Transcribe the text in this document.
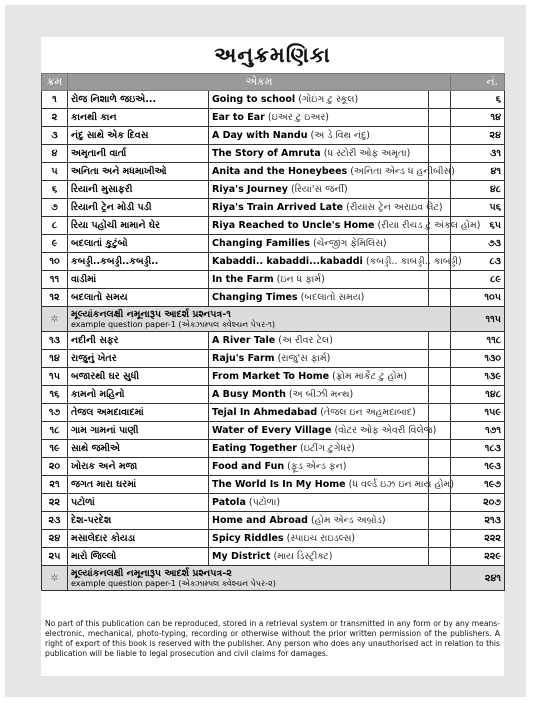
અનુક્રમણિકા
ક્રમ	એકમ			નં.
૧	રોજ નિશાળે જઇએ...	Going to school (ગોઇંગ ટુ સ્કૂલ)		૬
૨	કાનથી કાન	Ear to Ear (ઇઅર ટુ ઇઅર)		૧૪
૩	નંદુ સાથે એક દિવસ	A Day with Nandu (અ ડે વિથ નંદુ)		૨૪
૪	અમૃતાની વાર્તા	The Story of Amruta (ધ સ્ટોરી ઓફ અમૃતા)		૩૧
૫	અનિતા અને મધમાખીઓ	Anita and the Honeybees (અનિતા એન્ડ ધ હનીબીસ)		૪૧
૬	રિયાની મુસાફરી	Riya's Journey (રિયા'સ જર્ની)		૪૮
૭	રિયાની ટ્રેન મોડી પડી	Riya's Train Arrived Late (રીયાસ ટ્રેન અરાઇવ લેટ)		૫૬
૮	રિયા પહોંચી મામાને ઘેર	Riya Reached to Uncle's Home (રીયા રીચડ ટુ અંકલ હોમ)		૬૫
૯	બદલાતાં કુટુંબો	Changing Families (ચેન્જીંગ ફેમિલિસ)		૭૩
૧૦	કબડ્ડી..કબડ્ડી..કબડ્ડી..	Kabaddi.. kabaddi...kabaddi (કબડ્ડી.. કાબડ્ડી.. કાબડ્ડી)		૮૩
૧૧	વાડીમાં	In the Farm (ઇન ધ ફાર્મ)		૮૯
૧૨	બદલાતો સમય	Changing Times (બદલાતો સમય)		૧૦૫
✲	મૂલ્યાંકનલક્ષી નમૂનારૂપ આદર્શ પ્રશ્નપત્ર-૧
example question paper-1 (એક્ઝામ્પલ ક્વેશ્ચન પેપર-૧)			૧૧૫
૧૩	નદીની સફર	A River Tale (અ રીવર ટેલ)		૧૧૮
૧૪	રાજુનું ખેતર	Raju's Farm (રાજુ'સ ફાર્મ)		૧૩૦
૧૫	બજારથી ઘર સુધી	From Market To Home (ફ્રોમ માર્કેટ ટુ હોમ)		૧૩૯
૧૬	કામનો મહિનો	A Busy Month (અ બીઝી મન્થ)		૧૪૮
૧૭	તેજલ અમદાવાદમાં	Tejal In Ahmedabad (તેજલ ઇન અહમદાબાદ)		૧૫૯
૧૮	ગામ ગામનાં પાણી	Water of Every Village (વોટર ઓફ એવરી વિલેજ)		૧૭૧
૧૯	સાથે જમીએ	Eating Together (ઇટીંગ ટુગેધર)		૧૮૩
૨૦	ખોરાક અને મજા	Food and Fun (ફૂડ એન્ડ ફન)		૧૯૩
૨૧	જગત મારા ઘરમાં	The World Is In My Home (ધ વર્લ્ડ ઇઝ ઇન માય હોમ)		૧૯૭
૨૨	પટોળાં	Patola (પટોળા)		૨૦૭
૨૩	દેશ-પરદેશ	Home and Abroad (હોમ એન્ડ અબ્રોડ)		૨૧૩
૨૪	મસાલેદાર કોયડા	Spicy Riddles (સ્પાઇચ રાઇડલ્સ)		૨૨૨
૨૫	મારો જિલ્લો	My District (માય ડિસ્ટ્રીક્ટ)		૨૨૯
✲	મૂલ્યાંકનલક્ષી નમૂનારૂપ આદર્શ પ્રશ્નપત્ર-૨
example question paper-1 (એક્ઝામ્પલ ક્વેશ્ચન પેપર-૨)			૨૪૧
No part of this publication can be reproduced, stored in a retrieval system or transmitted in any form or by any means-electronic, mechanical, photo-typing, recording or otherwise without the prior written permission of the publishers. A right of export of this book is reserved with the publisher. Any person who does any unauthorised act in relation to this publication will be liable to legal prosecution and civil claims for damages.
